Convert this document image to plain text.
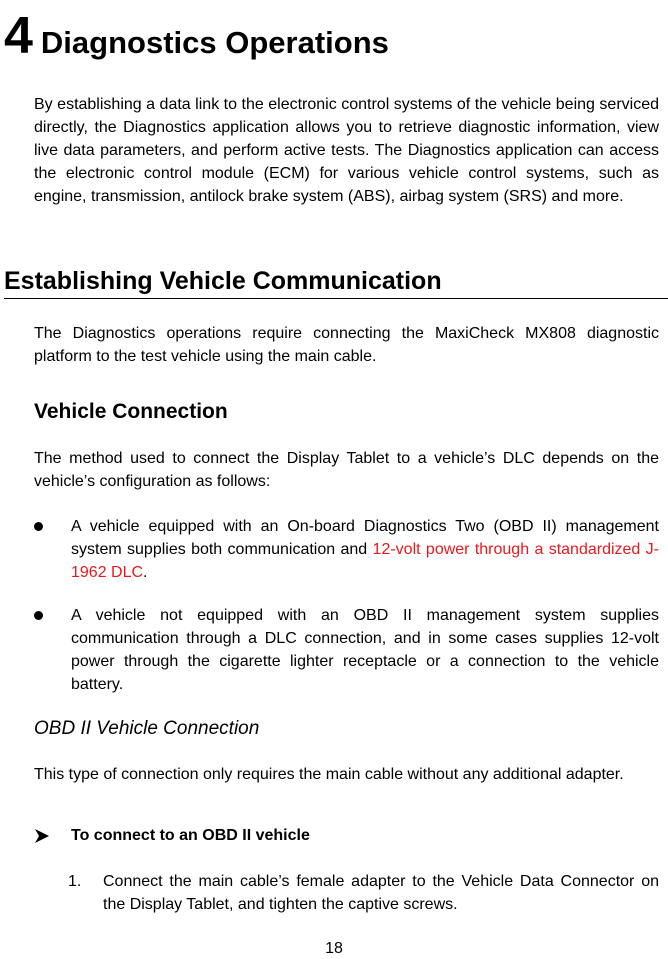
4 Diagnostics Operations

By establishing a data link to the electronic control systems of the vehicle being serviced directly, the Diagnostics application allows you to retrieve diagnostic information, view live data parameters, and perform active tests. The Diagnostics application can access the electronic control module (ECM) for various vehicle control systems, such as engine, transmission, antilock brake system (ABS), airbag system (SRS) and more.

Establishing Vehicle Communication

The Diagnostics operations require connecting the MaxiCheck MX808 diagnostic platform to the test vehicle using the main cable.

Vehicle Connection

The method used to connect the Display Tablet to a vehicle’s DLC depends on the vehicle’s configuration as follows:

A vehicle equipped with an On-board Diagnostics Two (OBD II) management system supplies both communication and 12-volt power through a standardized J-1962 DLC.
A vehicle not equipped with an OBD II management system supplies communication through a DLC connection, and in some cases supplies 12-volt power through the cigarette lighter receptacle or a connection to the vehicle battery.
OBD II Vehicle Connection

This type of connection only requires the main cable without any additional adapter.

To connect to an OBD II vehicle
1. Connect the main cable’s female adapter to the Vehicle Data Connector on the Display Tablet, and tighten the captive screws.
18
